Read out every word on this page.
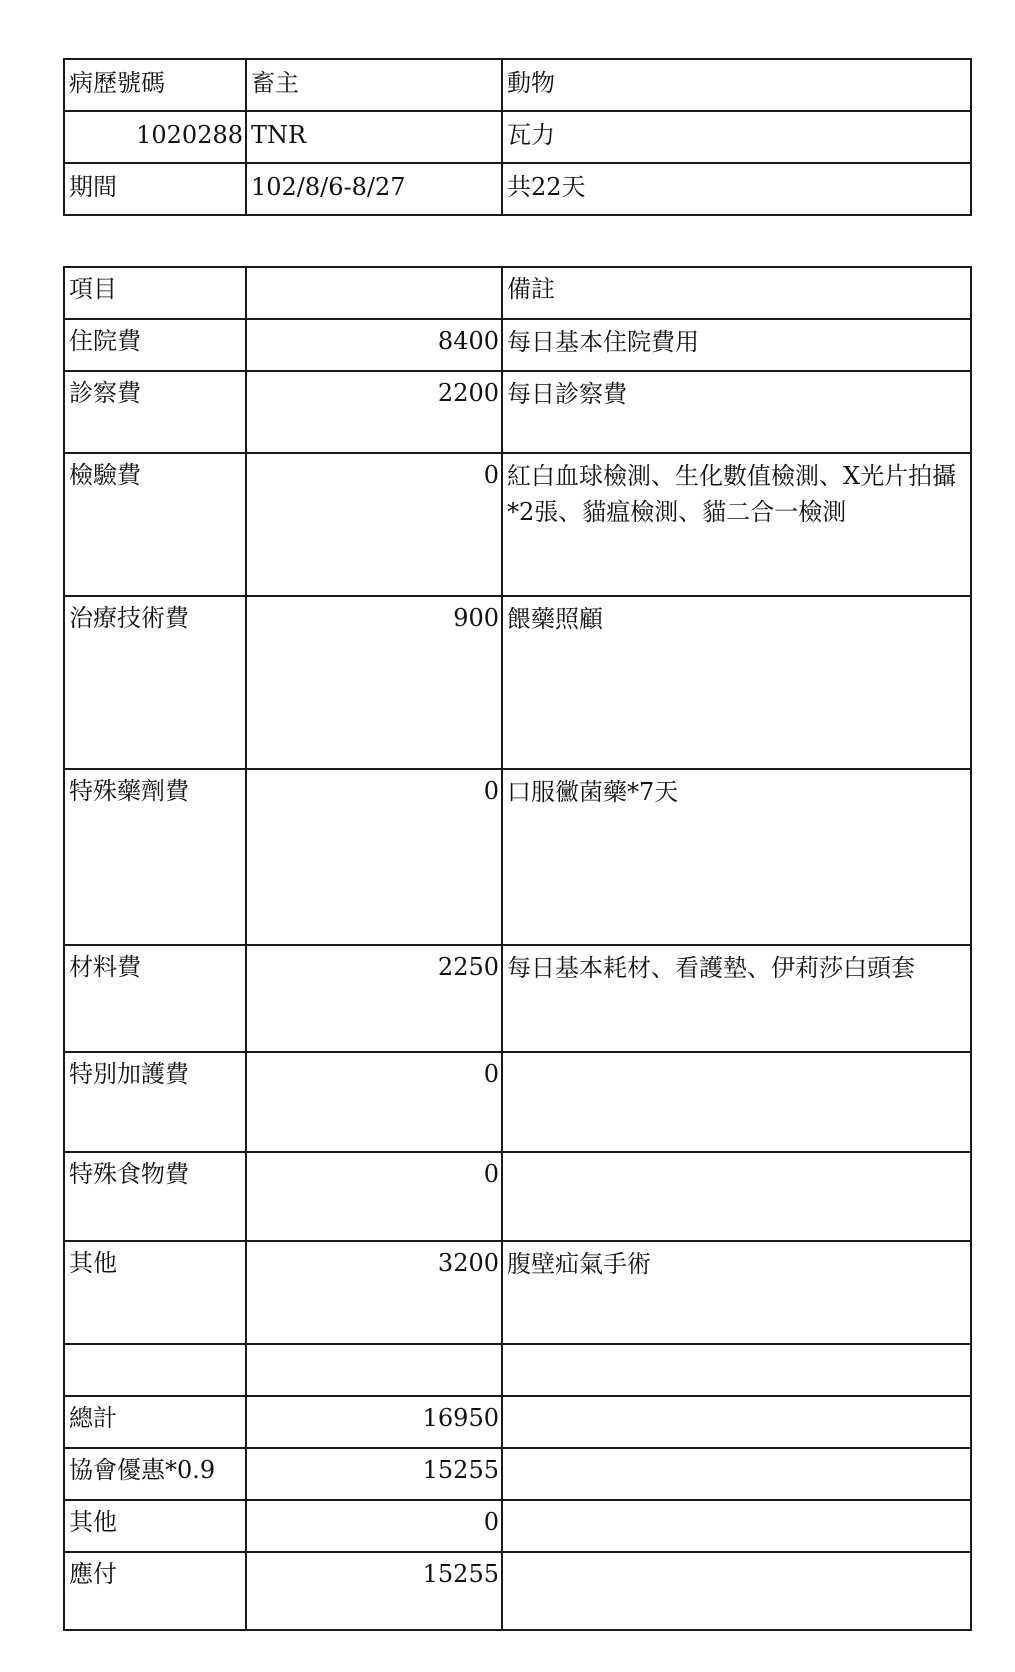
病歷號碼	畜主	動物
1020288	TNR	瓦力
期間	102/8/6-8/27	共22天
項目		備註
住院費	8400	每日基本住院費用
診察費	2200	每日診察費
檢驗費	0	紅白血球檢測、生化數值檢測、X光片拍攝*2張、貓瘟檢測、貓二合一檢測
治療技術費	900	餵藥照顧
特殊藥劑費	0	口服黴菌藥*7天
材料費	2250	每日基本耗材、看護墊、伊莉莎白頭套
特別加護費	0	
特殊食物費	0	
其他	3200	腹壁疝氣手術

總計	16950	
協會優惠*0.9	15255	
其他	0	
應付	15255	
